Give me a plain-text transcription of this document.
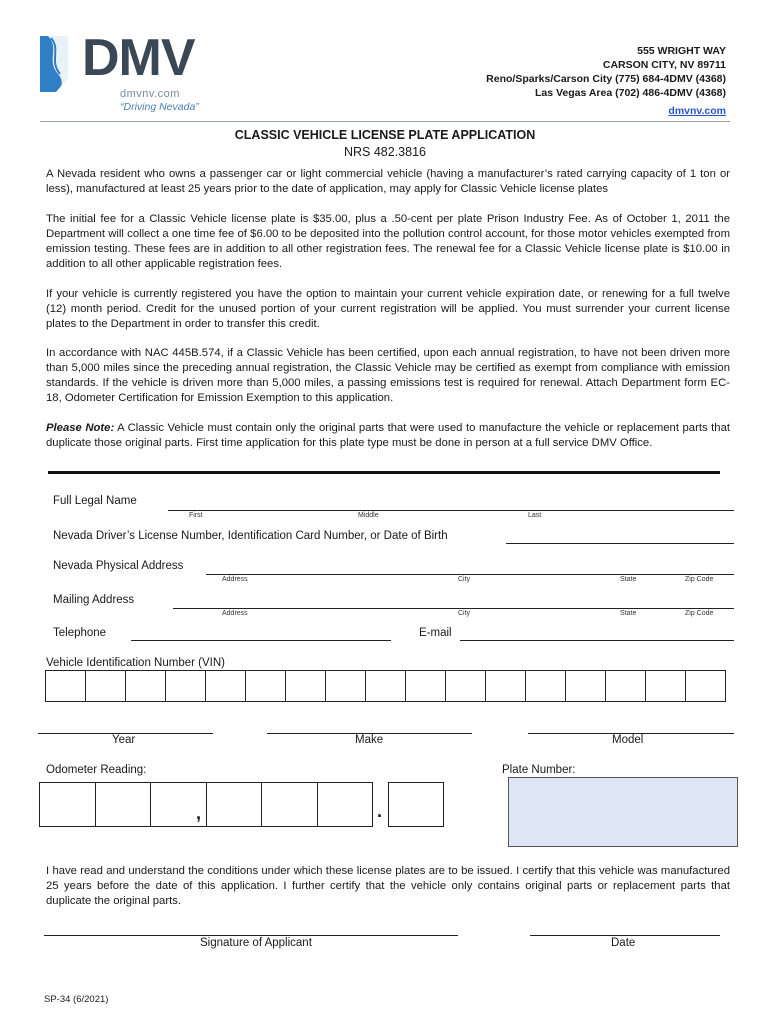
DMV
dmvnv.com
“Driving Nevada”
555 WRIGHT WAY
CARSON CITY, NV 89711
Reno/Sparks/Carson City (775) 684-4DMV (4368)
Las Vegas Area (702) 486-4DMV (4368)
dmvnv.com
CLASSIC VEHICLE LICENSE PLATE APPLICATION
NRS 482.3816
A Nevada resident who owns a passenger car or light commercial vehicle (having a manufacturer’s rated carrying capacity of 1 ton or less), manufactured at least 25 years prior to the date of application, may apply for Classic Vehicle license plates
The initial fee for a Classic Vehicle license plate is $35.00, plus a .50-cent per plate Prison Industry Fee. As of October 1, 2011 the Department will collect a one time fee of $6.00 to be deposited into the pollution control account, for those motor vehicles exempted from emission testing. These fees are in addition to all other registration fees. The renewal fee for a Classic Vehicle license plate is $10.00 in addition to all other applicable registration fees.
If your vehicle is currently registered you have the option to maintain your current vehicle expiration date, or renewing for a full twelve (12) month period. Credit for the unused portion of your current registration will be applied. You must surrender your current license plates to the Department in order to transfer this credit.
In accordance with NAC 445B.574, if a Classic Vehicle has been certified, upon each annual registration, to have not been driven more than 5,000 miles since the preceding annual registration, the Classic Vehicle may be certified as exempt from compliance with emission standards. If the vehicle is driven more than 5,000 miles, a passing emissions test is required for renewal. Attach Department form EC-18, Odometer Certification for Emission Exemption to this application.
Please Note: A Classic Vehicle must contain only the original parts that were used to manufacture the vehicle or replacement parts that duplicate those original parts. First time application for this plate type must be done in person at a full service DMV Office.
Full Legal Name
First	Middle	Last
Nevada Driver’s License Number, Identification Card Number, or Date of Birth
Nevada Physical Address
Address	City	State	Zip Code
Mailing Address
Address	City	State	Zip Code
Telephone	E-mail
Vehicle Identification Number (VIN)
Year	Make	Model
Odometer Reading:	Plate Number:
,	.
I have read and understand the conditions under which these license plates are to be issued. I certify that this vehicle was manufactured 25 years before the date of this application. I further certify that the vehicle only contains original parts or replacement parts that duplicate the original parts.
Signature of Applicant	Date
SP-34 (6/2021)
